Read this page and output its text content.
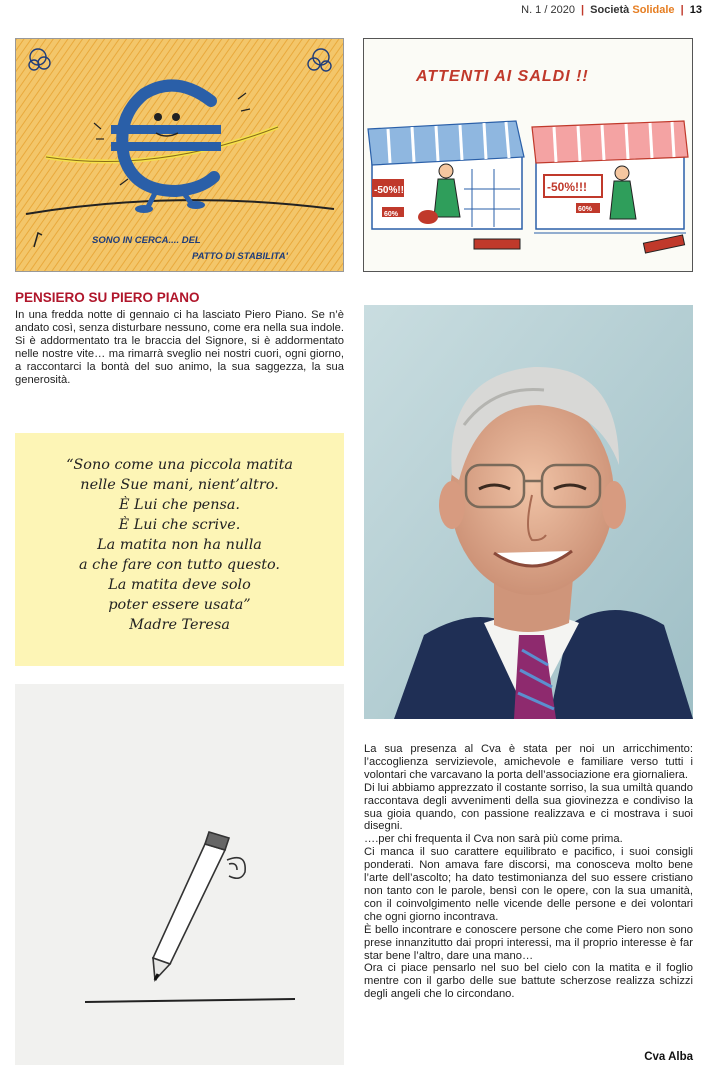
N. 1 / 2020 | Società Solidale | 13
SONO IN CERCA.... DEL
PATTO DI STABILITA'
ATTENTI AI SALDI !!
-50%!!!
60%
-50%!!!
60%
PENSIERO SU PIERO PIANO

In una fredda notte di gennaio ci ha lasciato Piero Piano. Se n’è andato così, senza disturbare nessuno, come era nella sua indole. Si è addormentato tra le braccia del Signore, si è addormentato nelle nostre vite… ma rimarrà sveglio nei nostri cuori, ogni giorno, a raccontarci la bontà del suo animo, la sua saggezza, la sua generosità.

“Sono come una piccola matita
nelle Sue mani, nient’altro.
È Lui che pensa.
È Lui che scrive.
La matita non ha nulla
a che fare con tutto questo.
La matita deve solo
poter essere usata”
Madre Teresa

La sua presenza al Cva è stata per noi un arricchimento: l’accoglienza servizievole, amichevole e familiare verso tutti i volontari che varcavano la porta dell’associazione era giornaliera.

Di lui abbiamo apprezzato il costante sorriso, la sua umiltà quando raccontava degli avvenimenti della sua giovinezza e condiviso la sua gioia quando, con passione realizzava e ci mostrava i suoi disegni.

….per chi frequenta il Cva non sarà più come prima.

Ci manca il suo carattere equilibrato e pacifico, i suoi consigli ponderati. Non amava fare discorsi, ma conosceva molto bene l’arte dell’ascolto; ha dato testimonianza del suo essere cristiano non tanto con le parole, bensì con le opere, con la sua umanità, con il coinvolgimento nelle vicende delle persone e dei volontari che ogni giorno incontrava.

È bello incontrare e conoscere persone che come Piero non sono prese innanzitutto dai propri interessi, ma il proprio interesse è far star bene l’altro, dare una mano…

Ora ci piace pensarlo nel suo bel cielo con la matita e il foglio mentre con il garbo delle sue battute scherzose realizza schizzi degli angeli che lo circondano.

Cva Alba
